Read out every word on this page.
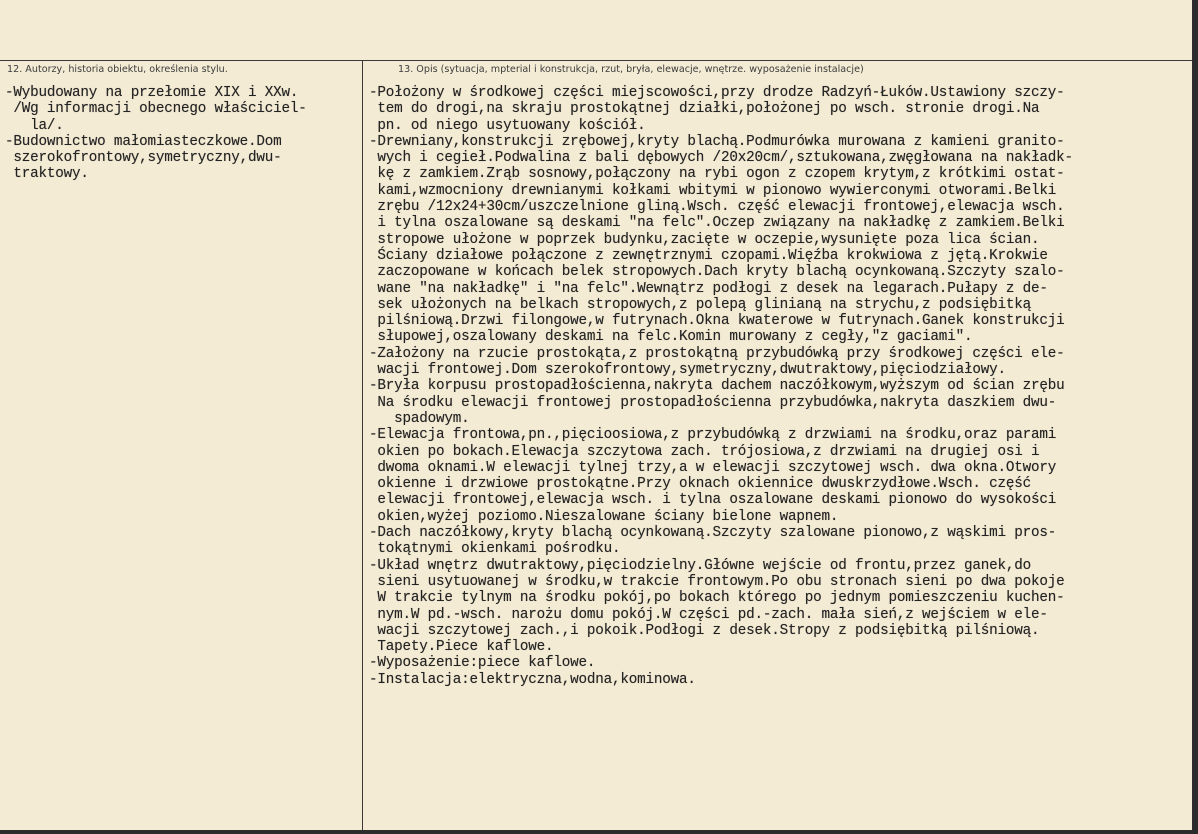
12. Autorzy, historia obiektu, określenia stylu.	13. Opis (sytuacja, mpterial i konstrukcja, rzut, bryła, elewacje, wnętrze. wyposażenie instalacje)
-Wybudowany na przełomie XIX i XXw.
/Wg informacji obecnego właściciel-
la/.
-Budownictwo małomiasteczkowe.Dom
szerokofrontowy,symetryczny,dwu-
traktowy.
-Położony w środkowej części miejscowości,przy drodze Radzyń-Łuków.Ustawiony szczy-
tem do drogi,na skraju prostokątnej działki,położonej po wsch. stronie drogi.Na
pn. od niego usytuowany kościół.
-Drewniany,konstrukcji zrębowej,kryty blachą.Podmurówka murowana z kamieni granito-
wych i cegieł.Podwalina z bali dębowych /20x20cm/,sztukowana,zwęgłowana na nakładk-
kę z zamkiem.Zrąb sosnowy,połączony na rybi ogon z czopem krytym,z krótkimi ostat-
kami,wzmocniony drewnianymi kołkami wbitymi w pionowo wywierconymi otworami.Belki
zrębu /12x24+30cm/uszczelnione gliną.Wsch. część elewacji frontowej,elewacja wsch.
i tylna oszalowane są deskami "na felc".Oczep związany na nakładkę z zamkiem.Belki
stropowe ułożone w poprzek budynku,zacięte w oczepie,wysunięte poza lica ścian.
Ściany działowe połączone z zewnętrznymi czopami.Więźba krokwiowa z jętą.Krokwie
zaczopowane w końcach belek stropowych.Dach kryty blachą ocynkowaną.Szczyty szalo-
wane "na nakładkę" i "na felc".Wewnątrz podłogi z desek na legarach.Pułapy z de-
sek ułożonych na belkach stropowych,z polepą glinianą na strychu,z podsiębitką
pilśniową.Drzwi filongowe,w futrynach.Okna kwaterowe w futrynach.Ganek konstrukcji
słupowej,oszalowany deskami na felc.Komin murowany z cegły,"z gaciami".
-Założony na rzucie prostokąta,z prostokątną przybudówką przy środkowej części ele-
wacji frontowej.Dom szerokofrontowy,symetryczny,dwutraktowy,pięciodziałowy.
-Bryła korpusu prostopadłościenna,nakryta dachem naczółkowym,wyższym od ścian zrębu
Na środku elewacji frontowej prostopadłościenna przybudówka,nakryta daszkiem dwu-
spadowym.
-Elewacja frontowa,pn.,pięcioosiowa,z przybudówką z drzwiami na środku,oraz parami
okien po bokach.Elewacja szczytowa zach. trójosiowa,z drzwiami na drugiej osi i
dwoma oknami.W elewacji tylnej trzy,a w elewacji szczytowej wsch. dwa okna.Otwory
okienne i drzwiowe prostokątne.Przy oknach okiennice dwuskrzydłowe.Wsch. część
elewacji frontowej,elewacja wsch. i tylna oszalowane deskami pionowo do wysokości
okien,wyżej poziomo.Nieszalowane ściany bielone wapnem.
-Dach naczółkowy,kryty blachą ocynkowaną.Szczyty szalowane pionowo,z wąskimi pros-
tokątnymi okienkami pośrodku.
-Układ wnętrz dwutraktowy,pięciodzielny.Główne wejście od frontu,przez ganek,do
sieni usytuowanej w środku,w trakcie frontowym.Po obu stronach sieni po dwa pokoje
W trakcie tylnym na środku pokój,po bokach którego po jednym pomieszczeniu kuchen-
nym.W pd.-wsch. narożu domu pokój.W części pd.-zach. mała sień,z wejściem w ele-
wacji szczytowej zach.,i pokoik.Podłogi z desek.Stropy z podsiębitką pilśniową.
Tapety.Piece kaflowe.
-Wyposażenie:piece kaflowe.
-Instalacja:elektryczna,wodna,kominowa.
